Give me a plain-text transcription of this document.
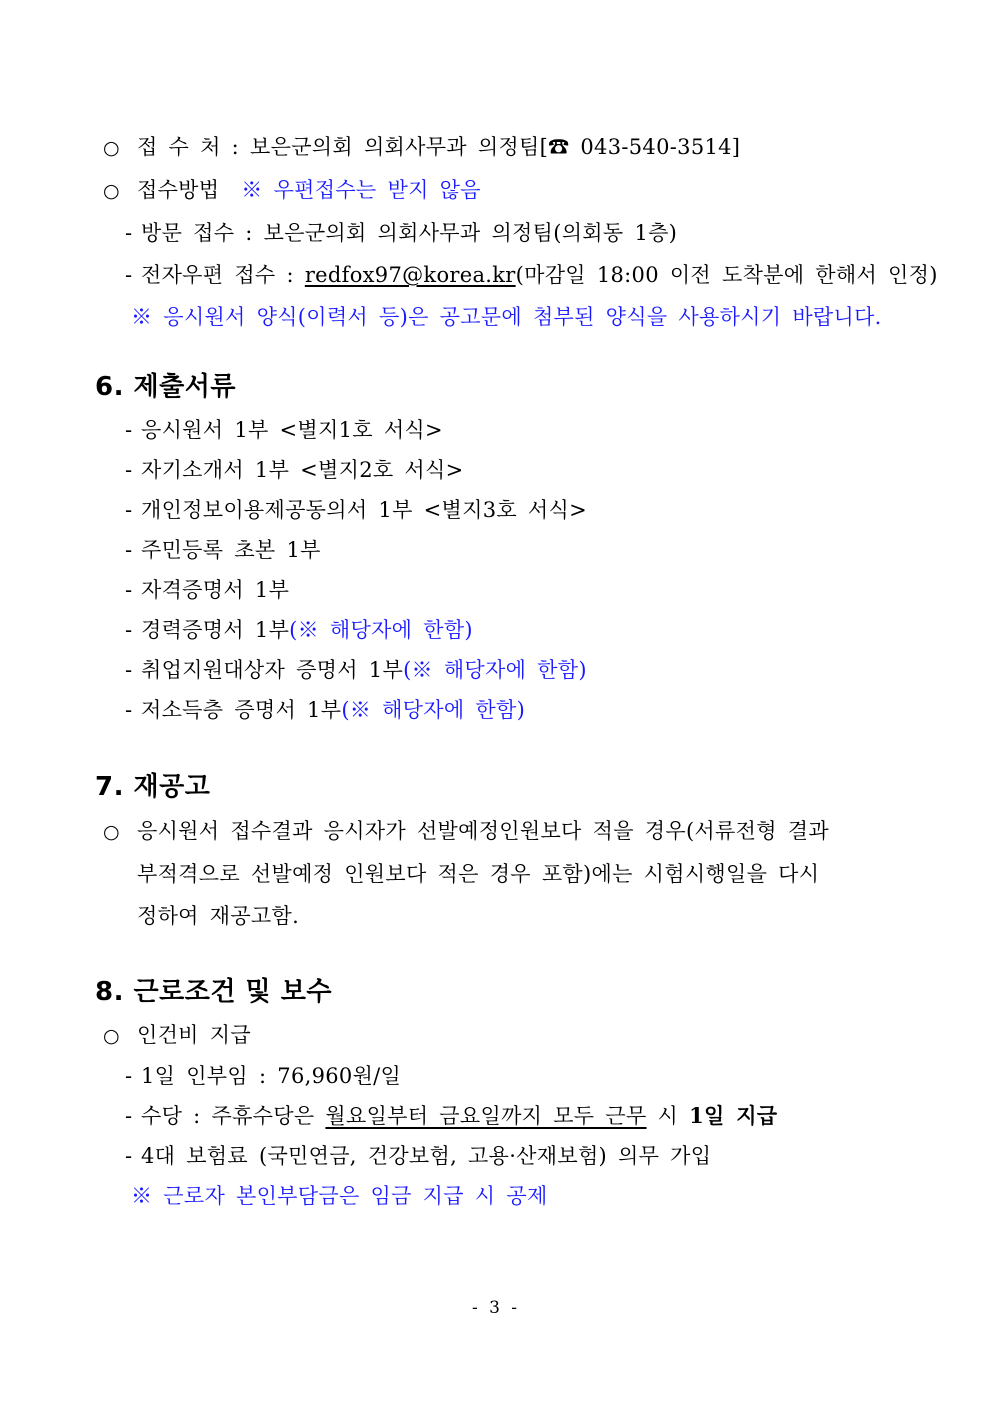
○ 접 수 처 : 보은군의회 의회사무과 의정팀[☎ 043-540-3514]
○ 접수방법 ※ 우편접수는 받지 않음
- 방문 접수 : 보은군의회 의회사무과 의정팀(의회동 1층)
- 전자우편 접수 : redfox97@korea.kr(마감일 18:00 이전 도착분에 한해서 인정)
※ 응시원서 양식(이력서 등)은 공고문에 첨부된 양식을 사용하시기 바랍니다.
6. 제출서류
- 응시원서 1부 <별지1호 서식>
- 자기소개서 1부 <별지2호 서식>
- 개인정보이용제공동의서 1부 <별지3호 서식>
- 주민등록 초본 1부
- 자격증명서 1부
- 경력증명서 1부(※ 해당자에 한함)
- 취업지원대상자 증명서 1부(※ 해당자에 한함)
- 저소득층 증명서 1부(※ 해당자에 한함)
7. 재공고
○ 응시원서 접수결과 응시자가 선발예정인원보다 적을 경우(서류전형 결과
부적격으로 선발예정 인원보다 적은 경우 포함)에는 시험시행일을 다시
정하여 재공고함.
8. 근로조건 및 보수
○ 인건비 지급
- 1일 인부임 : 76,960원/일
- 수당 : 주휴수당은 월요일부터 금요일까지 모두 근무 시 1일 지급
- 4대 보험료 (국민연금, 건강보험, 고용·산재보험) 의무 가입
※ 근로자 본인부담금은 임금 지급 시 공제
- 3 -
